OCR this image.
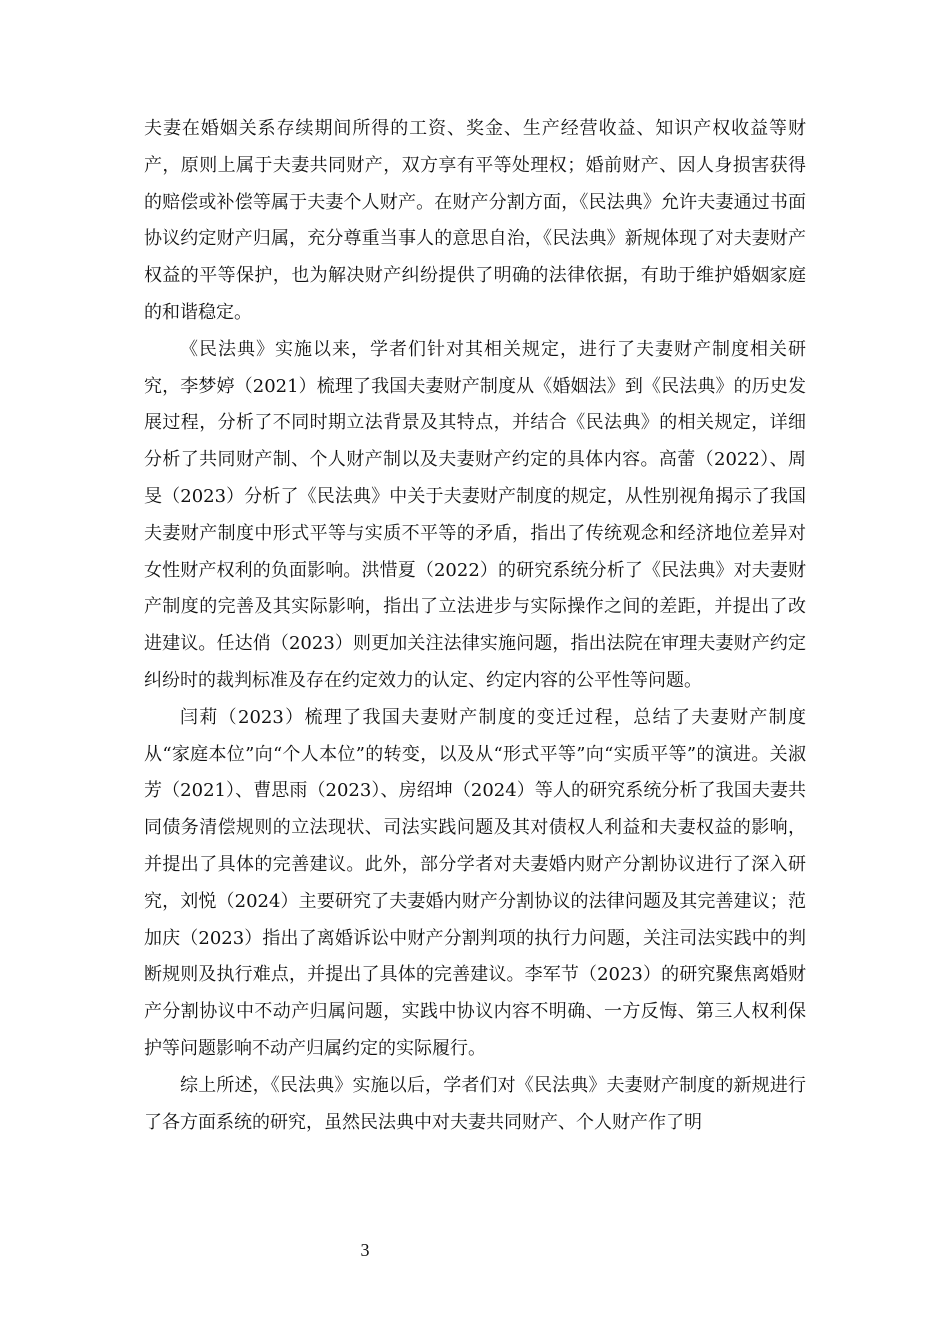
夫妻在婚姻关系存续期间所得的工资、奖金、生产经营收益、知识产权收益等财产，原则上属于夫妻共同财产，双方享有平等处理权；婚前财产、因人身损害获得的赔偿或补偿等属于夫妻个人财产。在财产分割方面，《民法典》允许夫妻通过书面协议约定财产归属，充分尊重当事人的意思自治，《民法典》新规体现了对夫妻财产权益的平等保护，也为解决财产纠纷提供了明确的法律依据，有助于维护婚姻家庭的和谐稳定。

《民法典》实施以来，学者们针对其相关规定，进行了夫妻财产制度相关研究，李梦婷（2021）梳理了我国夫妻财产制度从《婚姻法》到《民法典》的历史发展过程，分析了不同时期立法背景及其特点，并结合《民法典》的相关规定，详细分析了共同财产制、个人财产制以及夫妻财产约定的具体内容。高蕾（2022）、周旻（2023）分析了《民法典》中关于夫妻财产制度的规定，从性别视角揭示了我国夫妻财产制度中形式平等与实质不平等的矛盾，指出了传统观念和经济地位差异对女性财产权利的负面影响。洪惜夏（2022）的研究系统分析了《民法典》对夫妻财产制度的完善及其实际影响，指出了立法进步与实际操作之间的差距，并提出了改进建议。任达俏（2023）则更加关注法律实施问题，指出法院在审理夫妻财产约定纠纷时的裁判标准及存在约定效力的认定、约定内容的公平性等问题。

闫莉（2023）梳理了我国夫妻财产制度的变迁过程，总结了夫妻财产制度从“家庭本位”向“个人本位”的转变，以及从“形式平等”向“实质平等”的演进。关淑芳（2021）、曹思雨（2023）、房绍坤（2024）等人的研究系统分析了我国夫妻共同债务清偿规则的立法现状、司法实践问题及其对债权人利益和夫妻权益的影响，并提出了具体的完善建议。此外，部分学者对夫妻婚内财产分割协议进行了深入研究，刘悦（2024）主要研究了夫妻婚内财产分割协议的法律问题及其完善建议；范加庆（2023）指出了离婚诉讼中财产分割判项的执行力问题，关注司法实践中的判断规则及执行难点，并提出了具体的完善建议。李军节（2023）的研究聚焦离婚财产分割协议中不动产归属问题，实践中协议内容不明确、一方反悔、第三人权利保护等问题影响不动产归属约定的实际履行。

综上所述，《民法典》实施以后，学者们对《民法典》夫妻财产制度的新规进行了各方面系统的研究，虽然民法典中对夫妻共同财产、个人财产作了明

3
